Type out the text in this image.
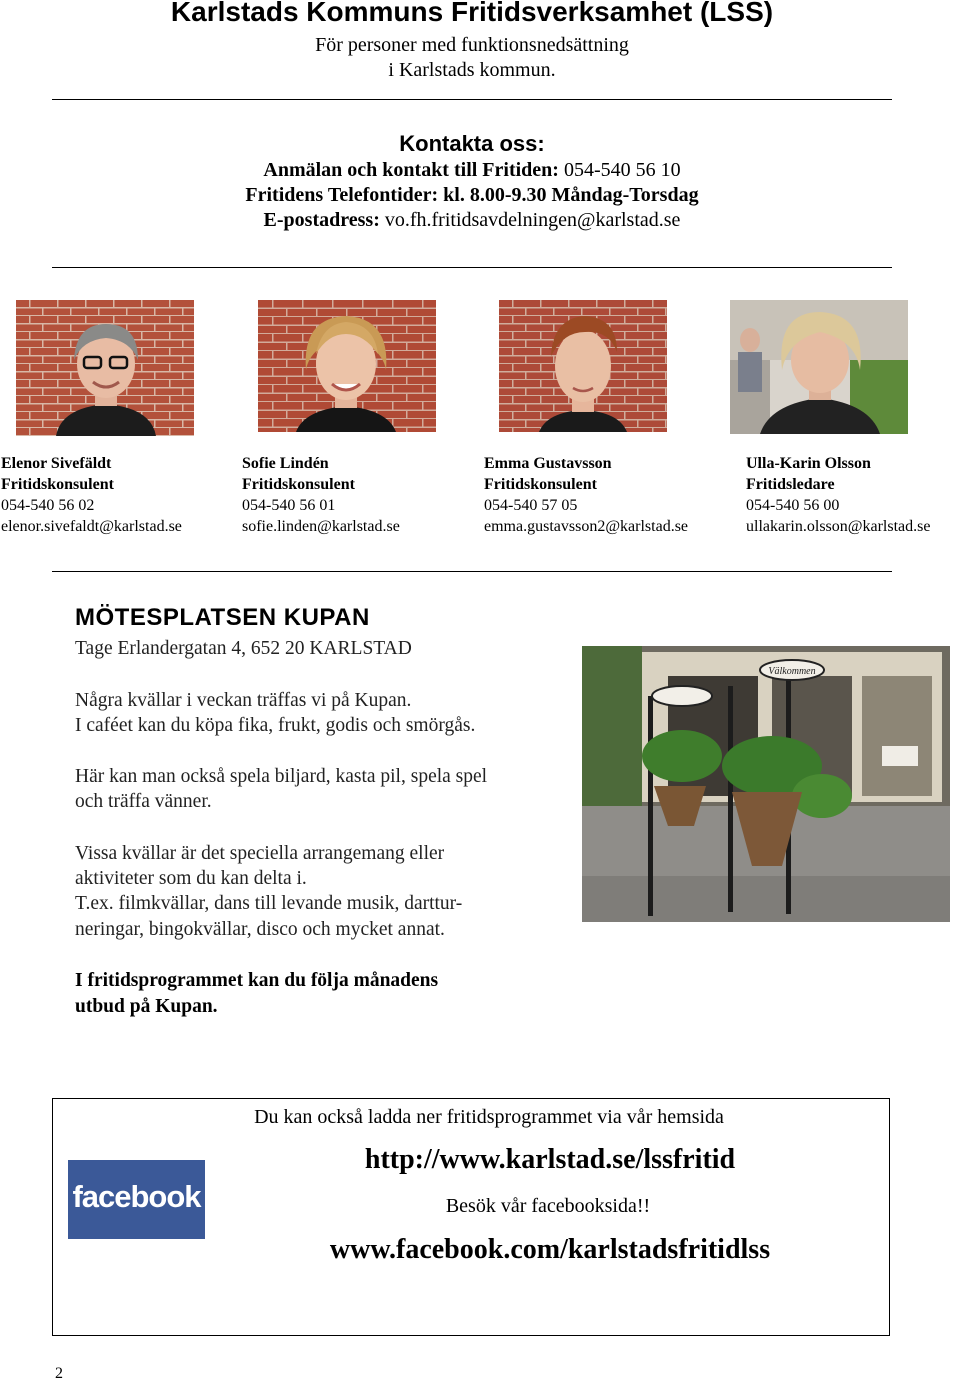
Karlstads Kommuns Fritidsverksamhet (LSS)
För personer med funktionsnedsättning
i Karlstads kommun.
Kontakta oss:
Anmälan och kontakt till Fritiden: 054-540 56 10
Fritidens Telefontider: kl. 8.00-9.30 Måndag-Torsdag
E-postadress: vo.fh.fritidsavdelningen@karlstad.se
Elenor Sivefäldt
Fritidskonsulent
054-540 56 02
elenor.sivefaldt@karlstad.se
Sofie Lindén
Fritidskonsulent
054-540 56 01
sofie.linden@karlstad.se
Emma Gustavsson
Fritidskonsulent
054-540 57 05
emma.gustavsson2@karlstad.se
Ulla-Karin Olsson
Fritidsledare
054-540 56 00
ullakarin.olsson@karlstad.se
MÖTESPLATSEN KUPAN
Tage Erlandergatan 4, 652 20 KARLSTAD
Några kvällar i veckan träffas vi på Kupan.
I caféet kan du köpa fika, frukt, godis och smörgås.
Här kan man också spela biljard, kasta pil, spela spel
och träffa vänner.
Vissa kvällar är det speciella arrangemang eller
aktiviteter som du kan delta i.
T.ex. filmkvällar, dans till levande musik, darttur-
neringar, bingokvällar, disco och mycket annat.
I fritidsprogrammet kan du följa månadens
utbud på Kupan.
Välkommen
facebook
Du kan också ladda ner fritidsprogrammet via vår hemsida
http://www.karlstad.se/lssfritid
Besök vår facebooksida!!
www.facebook.com/karlstadsfritidlss
2
